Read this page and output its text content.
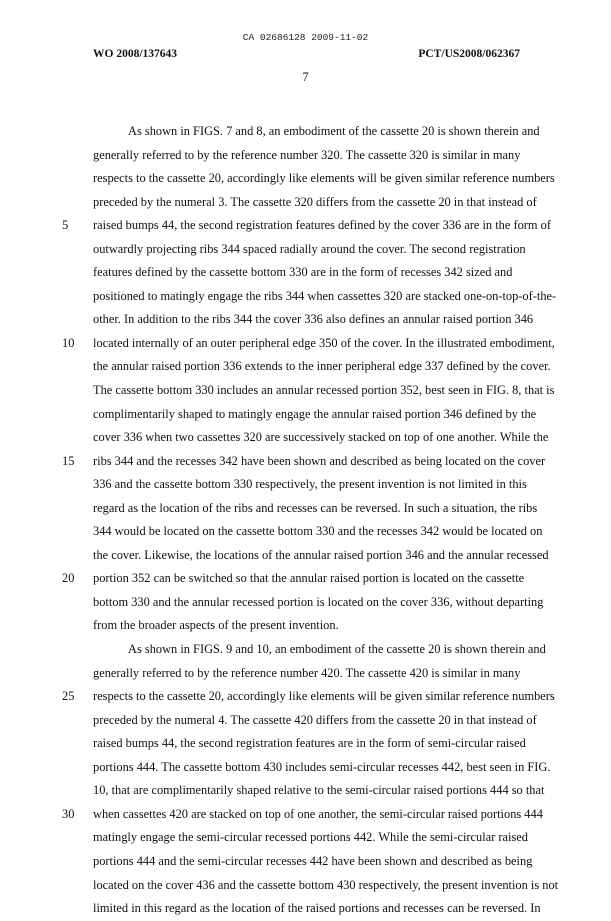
CA 02686128 2009-11-02
WO 2008/137643	PCT/US2008/062367
7
As shown in FIGS. 7 and 8, an embodiment of the cassette 20 is shown therein and
generally referred to by the reference number 320. The cassette 320 is similar in many
respects to the cassette 20, accordingly like elements will be given similar reference numbers
preceded by the numeral 3. The cassette 320 differs from the cassette 20 in that instead of
5	raised bumps 44, the second registration features defined by the cover 336 are in the form of
outwardly projecting ribs 344 spaced radially around the cover. The second registration
features defined by the cassette bottom 330 are in the form of recesses 342 sized and
positioned to matingly engage the ribs 344 when cassettes 320 are stacked one-on-top-of-the-
other. In addition to the ribs 344 the cover 336 also defines an annular raised portion 346
10	located internally of an outer peripheral edge 350 of the cover. In the illustrated embodiment,
the annular raised portion 336 extends to the inner peripheral edge 337 defined by the cover.
The cassette bottom 330 includes an annular recessed portion 352, best seen in FIG. 8, that is
complimentarily shaped to matingly engage the annular raised portion 346 defined by the
cover 336 when two cassettes 320 are successively stacked on top of one another. While the
15	ribs 344 and the recesses 342 have been shown and described as being located on the cover
336 and the cassette bottom 330 respectively, the present invention is not limited in this
regard as the location of the ribs and recesses can be reversed. In such a situation, the ribs
344 would be located on the cassette bottom 330 and the recesses 342 would be located on
the cover. Likewise, the locations of the annular raised portion 346 and the annular recessed
20	portion 352 can be switched so that the annular raised portion is located on the cassette
bottom 330 and the annular recessed portion is located on the cover 336, without departing
from the broader aspects of the present invention.
As shown in FIGS. 9 and 10, an embodiment of the cassette 20 is shown therein and
generally referred to by the reference number 420. The cassette 420 is similar in many
25	respects to the cassette 20, accordingly like elements will be given similar reference numbers
preceded by the numeral 4. The cassette 420 differs from the cassette 20 in that instead of
raised bumps 44, the second registration features are in the form of semi-circular raised
portions 444. The cassette bottom 430 includes semi-circular recesses 442, best seen in FIG.
10, that are complimentarily shaped relative to the semi-circular raised portions 444 so that
30	when cassettes 420 are stacked on top of one another, the semi-circular raised portions 444
matingly engage the semi-circular recessed portions 442. While the semi-circular raised
portions 444 and the semi-circular recesses 442 have been shown and described as being
located on the cover 436 and the cassette bottom 430 respectively, the present invention is not
limited in this regard as the location of the raised portions and recesses can be reversed. In
